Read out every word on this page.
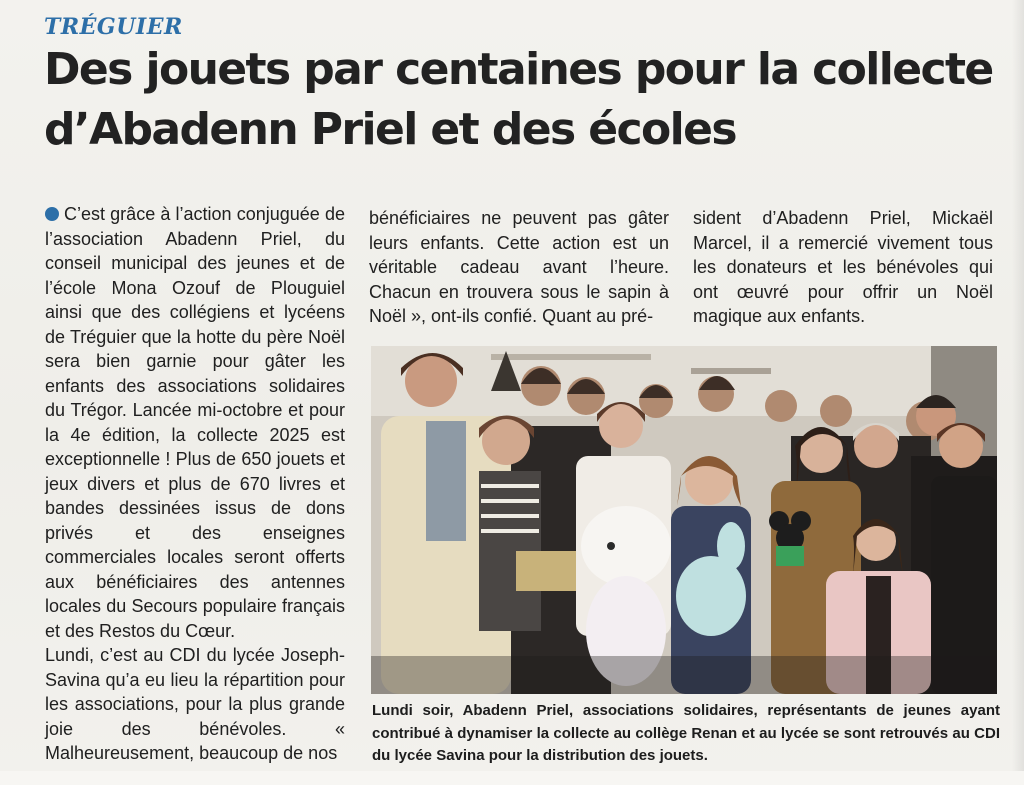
TRÉGUIER
Des jouets par centaines pour la collecte
d’Abadenn Priel et des écoles

C’est grâce à l’action conjuguée de l’association Abadenn Priel, du conseil municipal des jeunes et de l’école Mona Ozouf de Plouguiel ainsi que des collégiens et lycéens de Tréguier que la hotte du père Noël sera bien garnie pour gâter les enfants des associations solidaires du Trégor. Lancée mi-octobre et pour la 4e édition, la collecte 2025 est exceptionnelle ! Plus de 650 jouets et jeux divers et plus de 670 livres et bandes dessinées issus de dons privés et des enseignes commerciales locales seront offerts aux bénéficiaires des antennes locales du Secours populaire français et des Restos du Cœur.

Lundi, c’est au CDI du lycée Joseph-Savina qu’a eu lieu la répartition pour les associations, pour la plus grande joie des bénévoles. « Malheureusement, beaucoup de nos

bénéficiaires ne peuvent pas gâter leurs enfants. Cette action est un véritable cadeau avant l’heure. Chacun en trouvera sous le sapin à Noël », ont-ils confié. Quant au pré-

sident d’Abadenn Priel, Mickaël Marcel, il a remercié vivement tous les donateurs et les bénévoles qui ont œuvré pour offrir un Noël magique aux enfants.

Lundi soir, Abadenn Priel, associations solidaires, représentants de jeunes ayant contribué à dynamiser la collecte au collège Renan et au lycée se sont retrouvés au CDI du lycée Savina pour la distribution des jouets.
